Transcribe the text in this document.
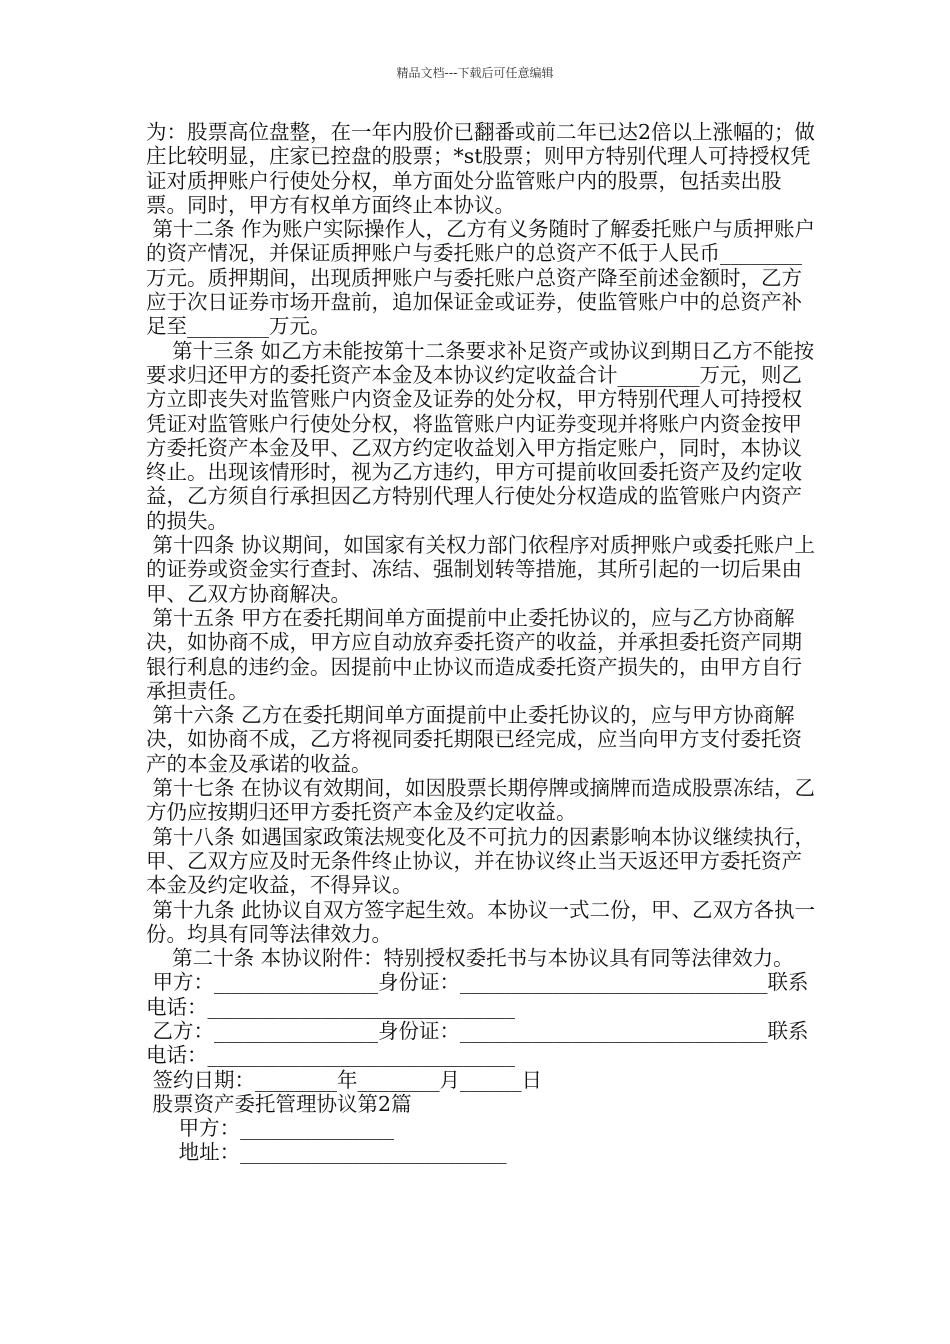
精品文档---下载后可任意编辑

为：股票高位盘整，在一年内股价已翻番或前二年已达2倍以上涨幅的；做庄比较明显，庄家已控盘的股票；*st股票；则甲方特别代理人可持授权凭证对质押账户行使处分权，单方面处分监管账户内的股票，包括卖出股票。同时，甲方有权单方面终止本协议。

第十二条 作为账户实际操作人，乙方有义务随时了解委托账户与质押账户的资产情况，并保证质押账户与委托账户的总资产不低于人民币________万元。质押期间，出现质押账户与委托账户总资产降至前述金额时，乙方应于次日证券市场开盘前，追加保证金或证券，使监管账户中的总资产补足至________万元。

第十三条 如乙方未能按第十二条要求补足资产或协议到期日乙方不能按要求归还甲方的委托资产本金及本协议约定收益合计________万元，则乙方立即丧失对监管账户内资金及证券的处分权，甲方特别代理人可持授权凭证对监管账户行使处分权，将监管账户内证券变现并将账户内资金按甲方委托资产本金及甲、乙双方约定收益划入甲方指定账户，同时，本协议终止。出现该情形时，视为乙方违约，甲方可提前收回委托资产及约定收益，乙方须自行承担因乙方特别代理人行使处分权造成的监管账户内资产的损失。

第十四条 协议期间，如国家有关权力部门依程序对质押账户或委托账户上的证券或资金实行查封、冻结、强制划转等措施，其所引起的一切后果由甲、乙双方协商解决。

第十五条 甲方在委托期间单方面提前中止委托协议的，应与乙方协商解决，如协商不成，甲方应自动放弃委托资产的收益，并承担委托资产同期银行利息的违约金。因提前中止协议而造成委托资产损失的，由甲方自行承担责任。

第十六条 乙方在委托期间单方面提前中止委托协议的，应与甲方协商解决，如协商不成，乙方将视同委托期限已经完成，应当向甲方支付委托资产的本金及承诺的收益。

第十七条 在协议有效期间，如因股票长期停牌或摘牌而造成股票冻结，乙方仍应按期归还甲方委托资产本金及约定收益。

第十八条 如遇国家政策法规变化及不可抗力的因素影响本协议继续执行，甲、乙双方应及时无条件终止协议，并在协议终止当天返还甲方委托资产本金及约定收益，不得异议。

第十九条 此协议自双方签字起生效。本协议一式二份，甲、乙双方各执一份。均具有同等法律效力。

第二十条 本协议附件：特别授权委托书与本协议具有同等法律效力。

甲方：________________身份证：______________________________联系电话：______________________________

乙方：________________身份证：______________________________联系电话：______________________________

签约日期：________年________月______日

股票资产委托管理协议第2篇

甲方：_______________

地址：__________________________
